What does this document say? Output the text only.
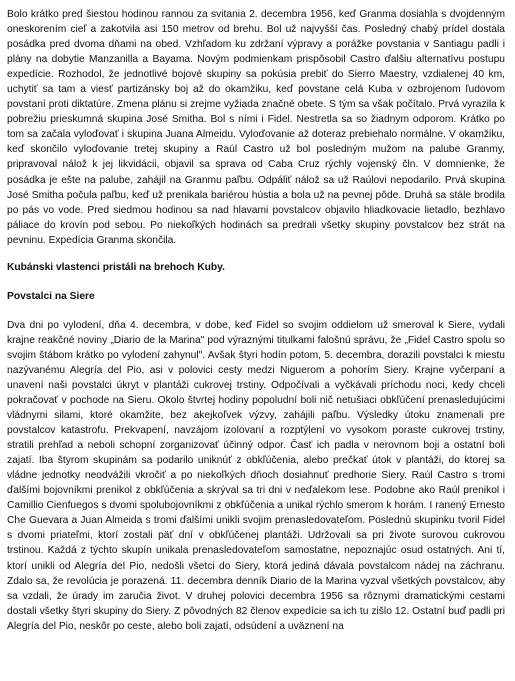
Bolo krátko pred šiestou hodinou rannou za svitania 2. decembra 1956, keď Granma dosiahla s dvojdenným oneskorením cieľ a zakotvila asi 150 metrov od brehu. Bol už najvyšší čas. Posledný chabý prídel dostala posádka pred dvoma dňami na obed. Vzhľadom ku zdržaní výpravy a porážke povstania v Santiagu padli i plány na dobytie Manzanilla a Bayama. Novým podmienkam prispôsobil Castro ďalšiu alternatívu postupu expedície. Rozhodol, že jednotlivé bojové skupiny sa pokúsia prebiť do Sierro Maestry, vzdialenej 40 km, uchytiť sa tam a viesť partizánsky boj až do okamžiku, keď povstane celá Kuba v ozbrojenom ľudovom povstaní proti diktatúre. Zmena plánu si zrejme vyžiada značné obete. S tým sa však počítalo. Prvá vyrazila k pobrežiu prieskumná skupina José Smitha. Bol s ními i Fidel. Nestretla sa so žiadnym odporom. Krátko po tom sa začala vyloďovať i skupina Juana Almeidu. Vyloďovanie až doteraz prebiehalo normálne. V okamžiku, keď skončilo vyloďovanie tretej skupiny a Raúl Castro už bol posledným mužom na palube Granmy, pripravoval nálož k jej likvidácii, objavil sa sprava od Caba Cruz rýchly vojenský čln. V domnienke, že posádka je ešte na palube, zahájil na Granmu paľbu. Odpáliť nálož sa už Raúlovi nepodarilo. Prvá skupina José Smitha počula paľbu, keď už prenikala bariérou hústia a bola už na pevnej pôde. Druhá sa stále brodila po pás vo vode. Pred siedmou hodinou sa nad hlavami povstalcov objavilo hliadkovacie lietadlo, bezhlavo páliace do krovín pod sebou. Po niekoľkých hodinách sa predrali všetky skupiny povstalcov bez strát na pevninu. Expedícia Granma skončila.

Kubánski vlastenci pristáli na brehoch Kuby.

Povstalci na Siere

Dva dni po vylodení, dňa 4. decembra, v dobe, keď Fidel so svojim oddielom už smeroval k Siere, vydali krajne reakčné noviny „Diario de la Marina" pod výraznými titulkami falošnú správu, že „Fidel Castro spolu so svojim štábom krátko po vylodení zahynul". Avšak štyri hodín potom, 5. decembra, dorazili povstalci k miestu nazývanému Alegría del Pio, asi v polovici cesty medzi Niguerom a pohorím Siery. Krajne vyčerpaní a unavení naši povstalci úkryt v plantáži cukrovej trstiny. Odpočívali a vyčkávali príchodu noci, kedy chceli pokračovať v pochode na Sieru. Okolo štvrtej hodiny popoludní boli nič netušiaci obkľúčení prenasledujúcimi vládnymi silami, ktoré okamžite, bez akejkoľvek výzvy, zahájili paľbu. Výsledky útoku znamenali pre povstalcov katastrofu. Prekvapení, navzájom izolovaní a rozptýlení vo vysokom poraste cukrovej trstiny, stratili prehľad a neboli schopní zorganizovať účinný odpor. Časť ich padla v nerovnom boji a ostatní boli zajatí. Iba štyrom skupinám sa podarilo uniknúť z obkľúčenia, alebo prečkať útok v plantáži, do ktorej sa vládne jednotky neodvážili vkročiť a po niekoľkých dňoch dosiahnuť predhorie Siery. Raúl Castro s tromi ďalšími bojovníkmi prenikol z obkľúčenia a skrýval sa tri dni v neďalekom lese. Podobne ako Raúl prenikol i Camillio Cienfuegos s dvomi spolubojovníkmi z obkľúčenia a unikal rýchlo smerom k horám. I ranený Ernesto Che Guevara a Juan Almeida s tromi ďalšími unikli svojim prenasledovateľom. Poslednú skupinku tvoril Fidel s dvomi priateľmi, ktorí zostali päť dní v obkľúčenej plantáži. Udržovali sa pri živote surovou cukrovou trstinou. Každá z týchto skupín unikala prenasledovateľom samostatne, nepoznajúc osud ostatných. Ani tí, ktorí unikli od Alegría del Pio, nedošli všetci do Siery, ktorá jediná dávala povstalcom nádej na záchranu. Zdalo sa, že revolúcia je porazená. 11. decembra denník Diario de la Marina vyzval všetkých povstalcov, aby sa vzdali, že úrady im zaručia život. V druhej polovici decembra 1956 sa rôznymi dramatickými cestami dostali všetky štyri skupiny do Siery. Z pôvodných 82 členov expedície sa ich tu zišlo 12. Ostatní buď padli pri Alegría del Pio, neskôr po ceste, alebo boli zajatí, odsúdení a uväznení na
